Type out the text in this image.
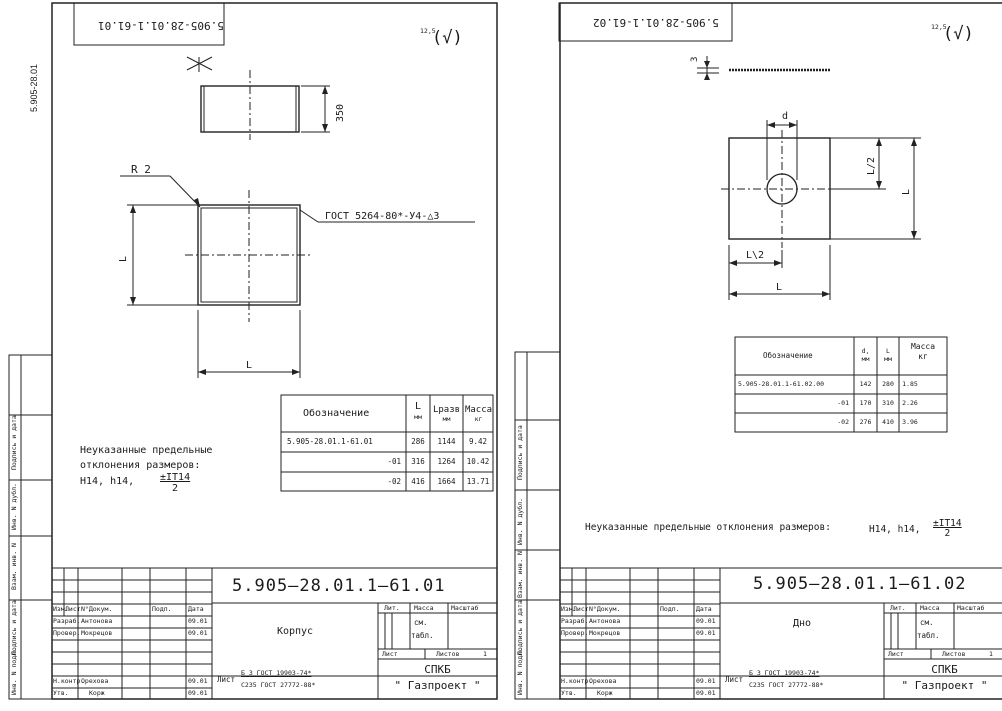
5.905-28.01.1-61.01
5.905-28.01
12,5
(√)
350
R 2
ГОСТ 5264-80*-У4-△3
L
L
Обозначение
L
мм
Lразв
мм
Масса
кг
5.905-28.01.1-61.01	286	1144	9.42
-01	316	1264	10.42
-02	416	1664	13.71
Неуказанные предельные
отклонения размеров:
H14, h14,	±IT14
2
5.905–28.01.1–61.01
Корпус
Лит. Масса	Масштаб
см.
табл.
Лист	Листов	1
Лист
Б 3 ГОСТ 19903-74*
С235 ГОСТ 27772-88*
СПКБ
" Газпроект "
Изм.
Лист N°Докум.	Подп.	Дата
Разраб. Антонова	09.01
Провер. Мокрецов	09.01
Н.контр.
Орехова	09.01
Утв.	Корж	09.01
Инв. N подл.
Подпись и дата
Взам. инв. N
Инв. N дубл.
Подпись и дата
5.905-28.01.1-61.02	12,5
(√)
3
d
L/2
L
L\2
L
Обозначение	d,
мм
L
мм
Масса
кг
5.905-28.01.1-61.02.00	142	280	1.85
-01	170	310	2.26
-02	276	410	3.96
Неуказанные предельные отклонения размеров:	H14, h14,
±IT14
2
5.905–28.01.1–61.02
Дно
Лит. Масса	Масштаб
см.
табл.
Лист	Листов	1
Лист
Б 3 ГОСТ 19903-74*
С235 ГОСТ 27772-88*
СПКБ
" Газпроект "
Изм.
Лист N°Докум.	Подп.	Дата
Разраб. Антонова	09.01
Провер. Мокрецов	09.01
Н.контр.
Орехова	09.01
Утв.	Корж	09.01
Инв. N подл.
Подпись и дата
Взам. инв. N
Инв. N дубл.
Подпись и дата
